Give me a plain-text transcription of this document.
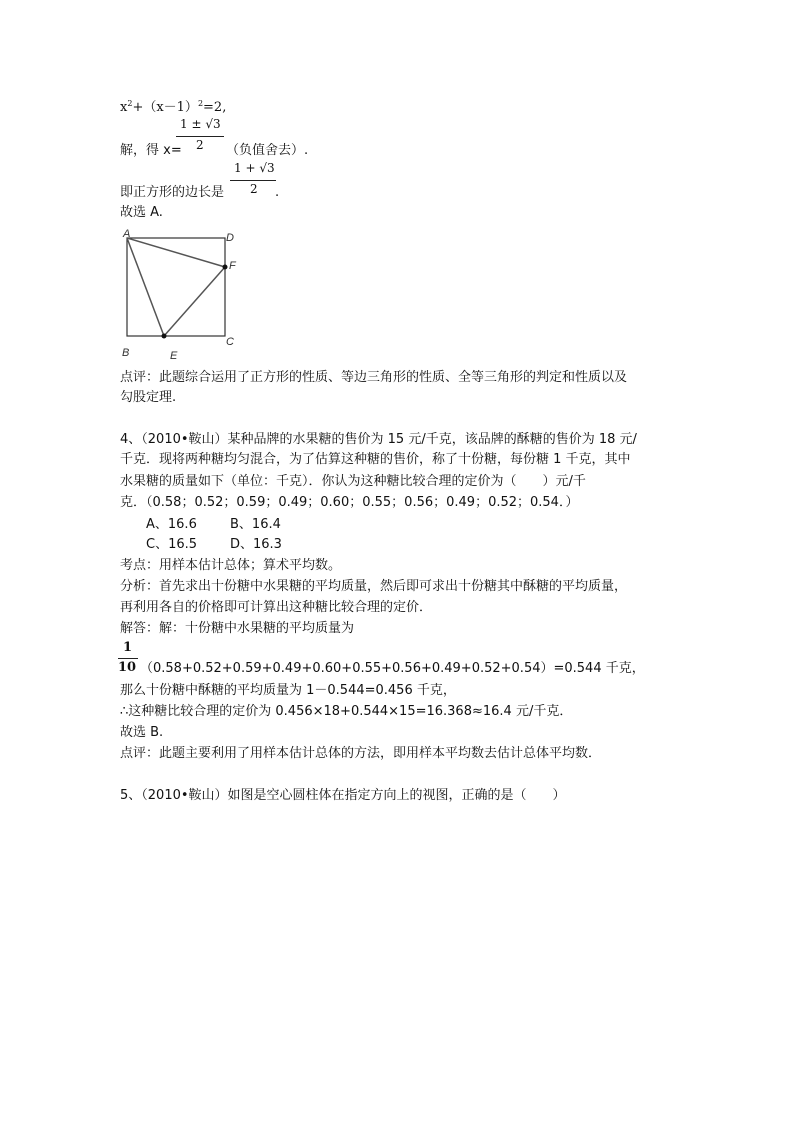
$x^2+(x-1)^2=2$,
1 ± √3
2
解，得 x=	（负值舍去）.
1 + √3
2
即正方形的边长是	.
故选 A.
A	D
F
C
B	E
点评：此题综合运用了正方形的性质、等边三角形的性质、全等三角形的判定和性质以及
勾股定理.
4、（2010•鞍山）某种品牌的水果糖的售价为 15 元/千克，该品牌的酥糖的售价为 18 元/
千克．现将两种糖均匀混合，为了估算这种糖的售价，称了十份糖，每份糖 1 千克，其中
水果糖的质量如下（单位：千克）．你认为这种糖比较合理的定价为（　　）元/千
克．（0.58；0.52；0.59；0.49；0.60；0.55；0.56；0.49；0.52；0.54．）
A、16.6	B、16.4
C、16.5	D、16.3
考点：用样本估计总体；算术平均数。
分析：首先求出十份糖中水果糖的平均质量，然后即可求出十份糖其中酥糖的平均质量，
再利用各自的价格即可计算出这种糖比较合理的定价．
解答：解：十份糖中水果糖的平均质量为
1
10 （0.58+0.52+0.59+0.49+0.60+0.55+0.56+0.49+0.52+0.54）=0.544 千克，
那么十份糖中酥糖的平均质量为 1－0.544=0.456 千克，
∴这种糖比较合理的定价为 0.456×18+0.544×15=16.368≈16.4 元/千克．
故选 B.
点评：此题主要利用了用样本估计总体的方法，即用样本平均数去估计总体平均数．
5、（2010•鞍山）如图是空心圆柱体在指定方向上的视图，正确的是（　　）
